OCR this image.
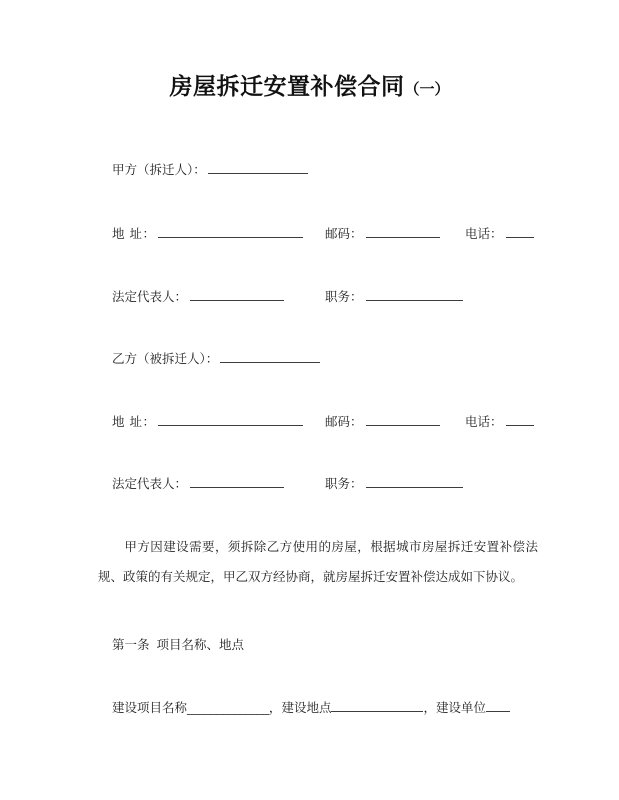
房屋拆迁安置补偿合同（一）
甲方（拆迁人）：
地 址：	邮码：	电话：
法定代表人：	职务：
乙方（被拆迁人）：
地 址：	邮码：	电话：
法定代表人：	职务：
甲方因建设需要，须拆除乙方使用的房屋，根据城市房屋拆迁安置补偿法规、政策的有关规定，甲乙双方经协商，就房屋拆迁安置补偿达成如下协议。
第一条 项目名称、地点
建设项目名称______________，建设地点	，建设单位
